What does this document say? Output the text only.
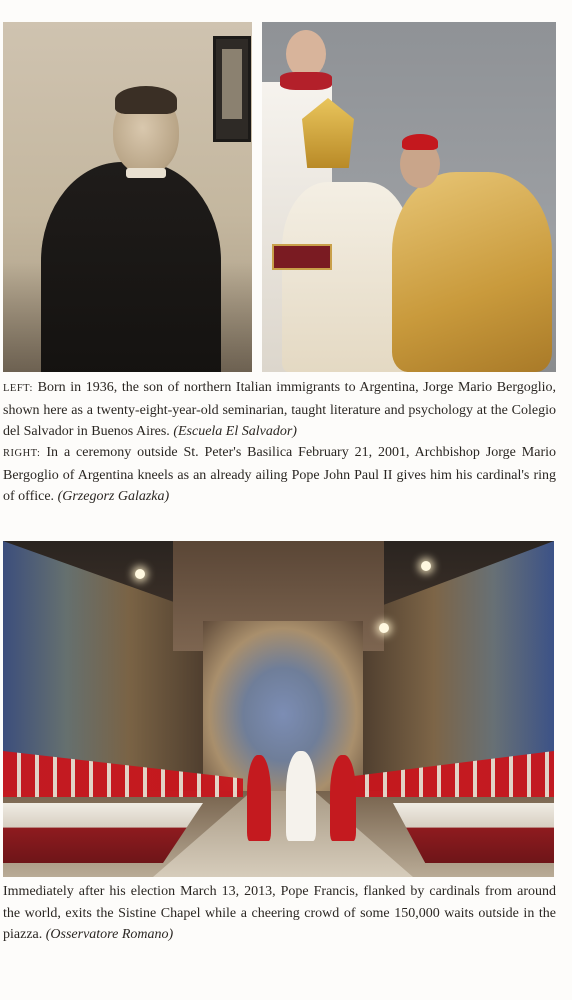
LEFT: Born in 1936, the son of northern Italian immigrants to Argentina, Jorge Mario Bergoglio, shown here as a twenty-eight-year-old seminarian, taught literature and psychology at the Colegio del Salvador in Buenos Aires. (Escuela El Salvador)

RIGHT: In a ceremony outside St. Peter's Basilica February 21, 2001, Archbishop Jorge Mario Bergoglio of Argentina kneels as an already ailing Pope John Paul II gives him his cardinal's ring of office. (Grzegorz Galazka)

Immediately after his election March 13, 2013, Pope Francis, flanked by cardinals from around the world, exits the Sistine Chapel while a cheering crowd of some 150,000 waits outside in the piazza. (Osservatore Romano)
